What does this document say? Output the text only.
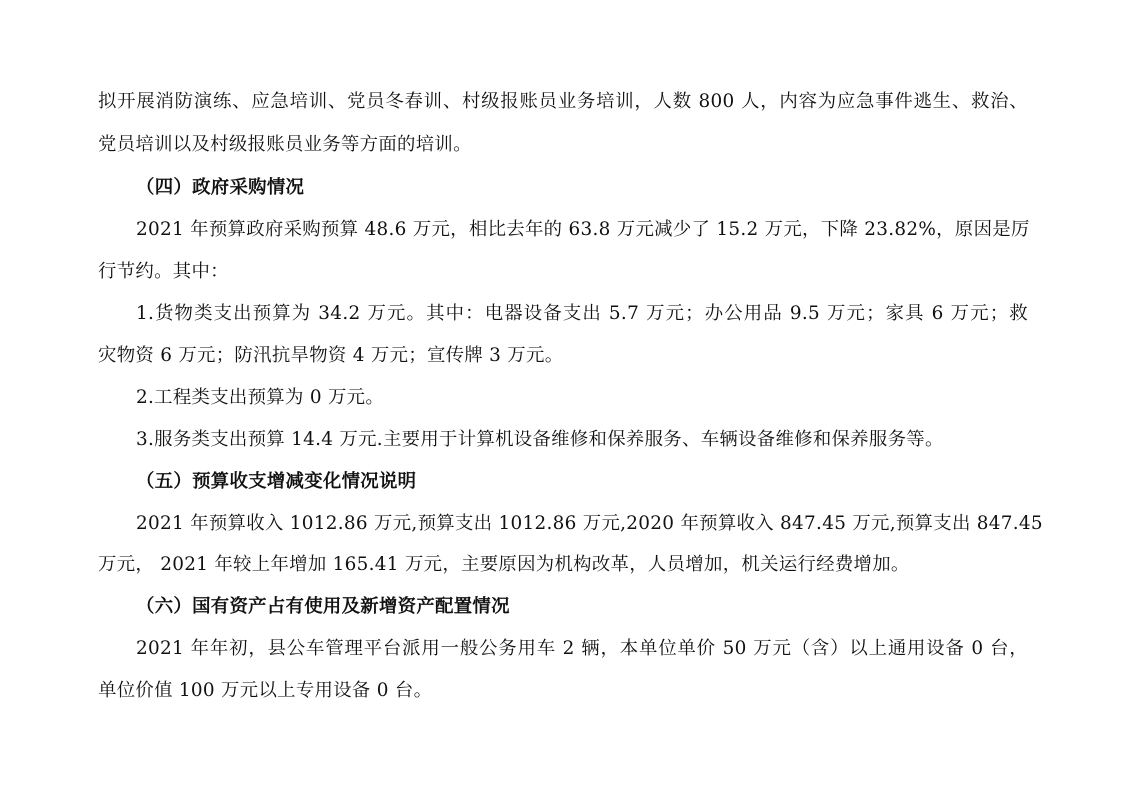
拟开展消防演练、应急培训、党员冬春训、村级报账员业务培训，人数 800 人，内容为应急事件逃生、救治、
党员培训以及村级报账员业务等方面的培训。
（四）政府采购情况
2021 年预算政府采购预算 48.6 万元，相比去年的 63.8 万元减少了 15.2 万元，下降 23.82%，原因是厉
行节约。其中：
1.货物类支出预算为 34.2 万元。其中：电器设备支出 5.7 万元；办公用品 9.5 万元；家具 6 万元；救
灾物资 6 万元；防汛抗旱物资 4 万元；宣传牌 3 万元。
2.工程类支出预算为 0 万元。
3.服务类支出预算 14.4 万元.主要用于计算机设备维修和保养服务、车辆设备维修和保养服务等。
（五）预算收支增减变化情况说明
2021 年预算收入 1012.86 万元,预算支出 1012.86 万元,2020 年预算收入 847.45 万元,预算支出 847.45
万元， 2021 年较上年增加 165.41 万元，主要原因为机构改革，人员增加，机关运行经费增加。
（六）国有资产占有使用及新增资产配置情况
2021 年年初，县公车管理平台派用一般公务用车 2 辆，本单位单价 50 万元（含）以上通用设备 0 台，
单位价值 100 万元以上专用设备 0 台。
